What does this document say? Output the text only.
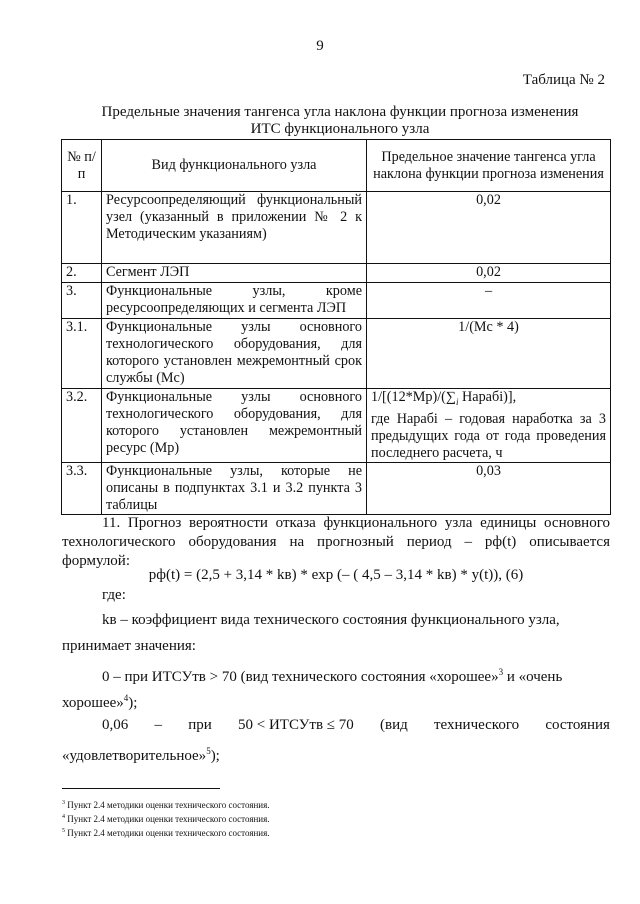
9
Таблица № 2
Предельные значения тангенса угла наклона функции прогноза изменения ИТС функционального узла
№ п/п	Вид функционального узла	Предельное значение тангенса угла наклона функции прогноза изменения
1.	Ресурсоопределяющий функциональный узел (указанный в приложении № 2 к Методическим указаниям)	0,02
2.	Сегмент ЛЭП	0,02
3.	Функциональные узлы, кроме ресурсоопределяющих и сегмента ЛЭП	–
3.1.	Функциональные узлы основного технологического оборудования, для которого установлен межремонтный срок службы (Мс)	1/(Мс * 4)
3.2.	Функциональные узлы основного технологического оборудования, для которого установлен межремонтный ресурс (Мр)	$1/[(12*Мр)/(\sum_i$ Нарабi)],
где Нарабi – годовая наработка за 3 предыдущих года от года проведения последнего расчета, ч

3.3.	Функциональные узлы, которые не описаны в подпунктах 3.1 и 3.2 пункта 3 таблицы	0,03
11. Прогноз вероятности отказа функционального узла единицы основного технологического оборудования на прогнозный период – pф(t) описывается формулой:
pф(t) = (2,5 + 3,14 * kв) * exp (– ( 4,5 – 3,14 * kв) * y(t)), (6)
где:
kв – коэффициент вида технического состояния функционального узла,
принимает значения:
0 – при ИТСУтв > 70 (вид технического состояния «хорошее»$^3$ и «очень
хорошее»$^4$);
0,06 – при 50 < ИТСУтв ≤ 70 (вид технического состояния
«удовлетворительное»$^5$);
$^3$ Пункт 2.4 методики оценки технического состояния.
$^4$ Пункт 2.4 методики оценки технического состояния.
$^5$ Пункт 2.4 методики оценки технического состояния.
